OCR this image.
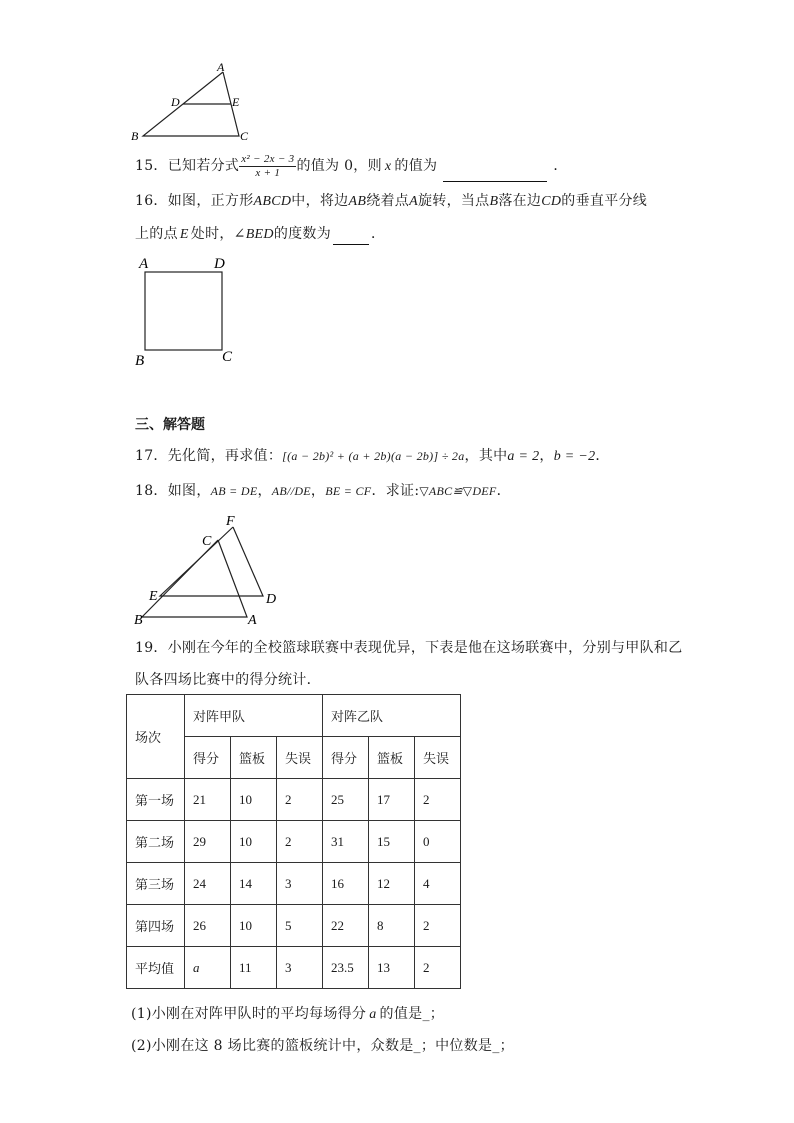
A
D	E
B	C
15．已知若分式 $\frac{\text{x² − 2x − 3}}{x + 1}$ 的值为 0，则 x 的值为	．
16．如图，正方形ABCD中，将边AB绕着点A旋转，当点B落在边CD的垂直平分线
上的点 E 处时，∠BED的度数为	．
A	D
B	C
三、解答题
17．先化简，再求值：[(a − 2b)² + (a + 2b)(a − 2b)] ÷ 2a，其中a = 2，b = −2．
18．如图，AB = DE，AB//DE，BE = CF．求证:▽ABC≌▽DEF．
F
C
E	D
B	A
19．小刚在今年的全校篮球联赛中表现优异，下表是他在这场联赛中，分别与甲队和乙
队各四场比赛中的得分统计．
场次	对阵甲队			对阵乙队		
	得分	篮板	失误	得分	篮板	失误
第一场	21	10	2	25	17	2
第二场	29	10	2	31	15	0
第三场	24	14	3	16	12	4
第四场	26	10	5	22	8	2
平均值	a	11	3	23.5	13	2
(1)小刚在对阵甲队时的平均每场得分 a 的值是_；
(2)小刚在这 8 场比赛的篮板统计中，众数是_；中位数是_；
